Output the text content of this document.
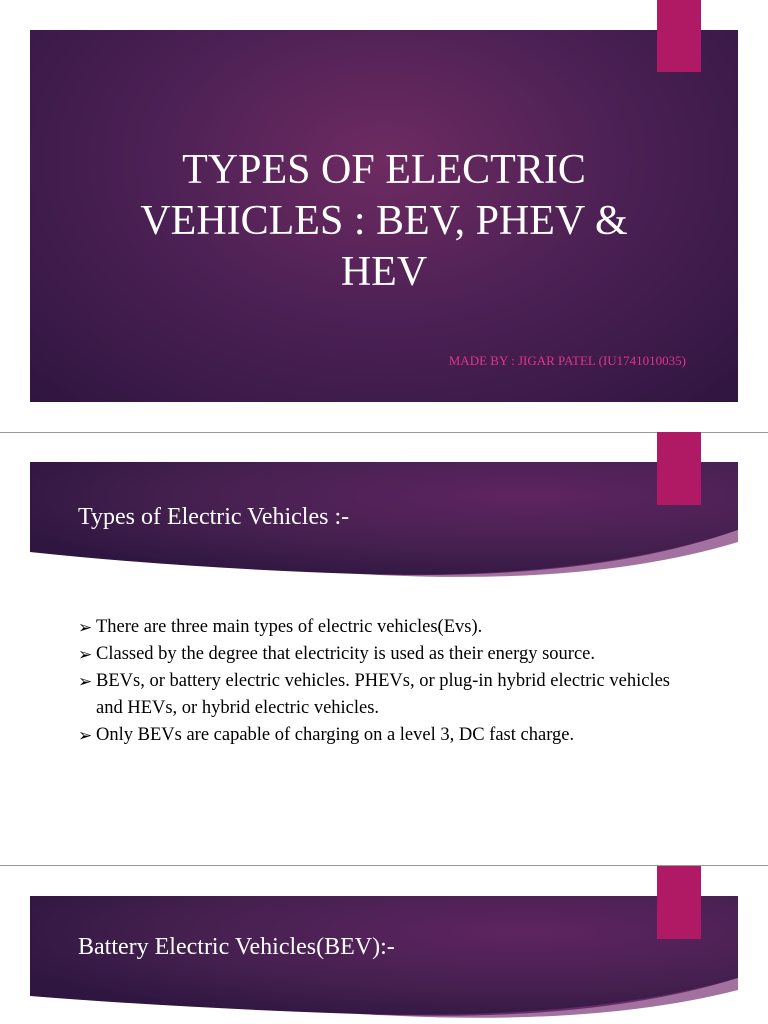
TYPES OF ELECTRIC
VEHICLES : BEV, PHEV &
HEV
MADE BY : JIGAR PATEL (IU1741010035)
Types of Electric Vehicles :-
➢ There are three main types of electric vehicles(Evs).
➢ Classed by the degree that electricity is used as their energy source.
➢ BEVs, or battery electric vehicles. PHEVs, or plug-in hybrid electric vehicles and HEVs, or hybrid electric vehicles.
➢ Only BEVs are capable of charging on a level 3, DC fast charge.
Battery Electric Vehicles(BEV):-
